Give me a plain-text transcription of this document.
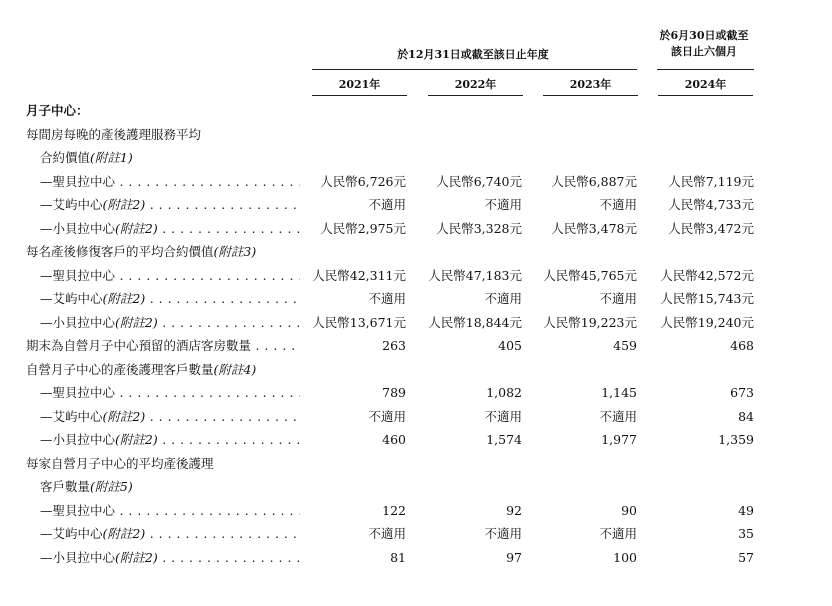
於6月30日或截至
該日止六個月
於12月31日或截至該日止年度
2021年	2022年	2023年	2024年
月子中心：
每間房每晚的產後護理服務平均
合約價值(附註1)
—聖貝拉中心 . . .	人民幣6,726元	人民幣6,740元	人民幣6,887元	人民幣7,119元
—艾屿中心(附註2) . . .	不適用	不適用	不適用	人民幣4,733元
—小貝拉中心(附註2) . . .	人民幣2,975元	人民幣3,328元	人民幣3,478元	人民幣3,472元
每名產後修復客戶的平均合約價值(附註3)
—聖貝拉中心 . . .	人民幣42,311元	人民幣47,183元	人民幣45,765元	人民幣42,572元
—艾屿中心(附註2) . . .	不適用	不適用	不適用	人民幣15,743元
—小貝拉中心(附註2) . . .	人民幣13,671元	人民幣18,844元	人民幣19,223元	人民幣19,240元
期末為自營月子中心預留的酒店客房數量 . . .	263	405	459	468
自營月子中心的產後護理客戶數量(附註4)
—聖貝拉中心 . . .	789	1,082	1,145	673
—艾屿中心(附註2) . . .	不適用	不適用	不適用	84
—小貝拉中心(附註2) . . .	460	1,574	1,977	1,359
每家自營月子中心的平均產後護理
客戶數量(附註5)
—聖貝拉中心 . . .	122	92	90	49
—艾屿中心(附註2) . . .	不適用	不適用	不適用	35
—小貝拉中心(附註2) . . .	81	97	100	57
